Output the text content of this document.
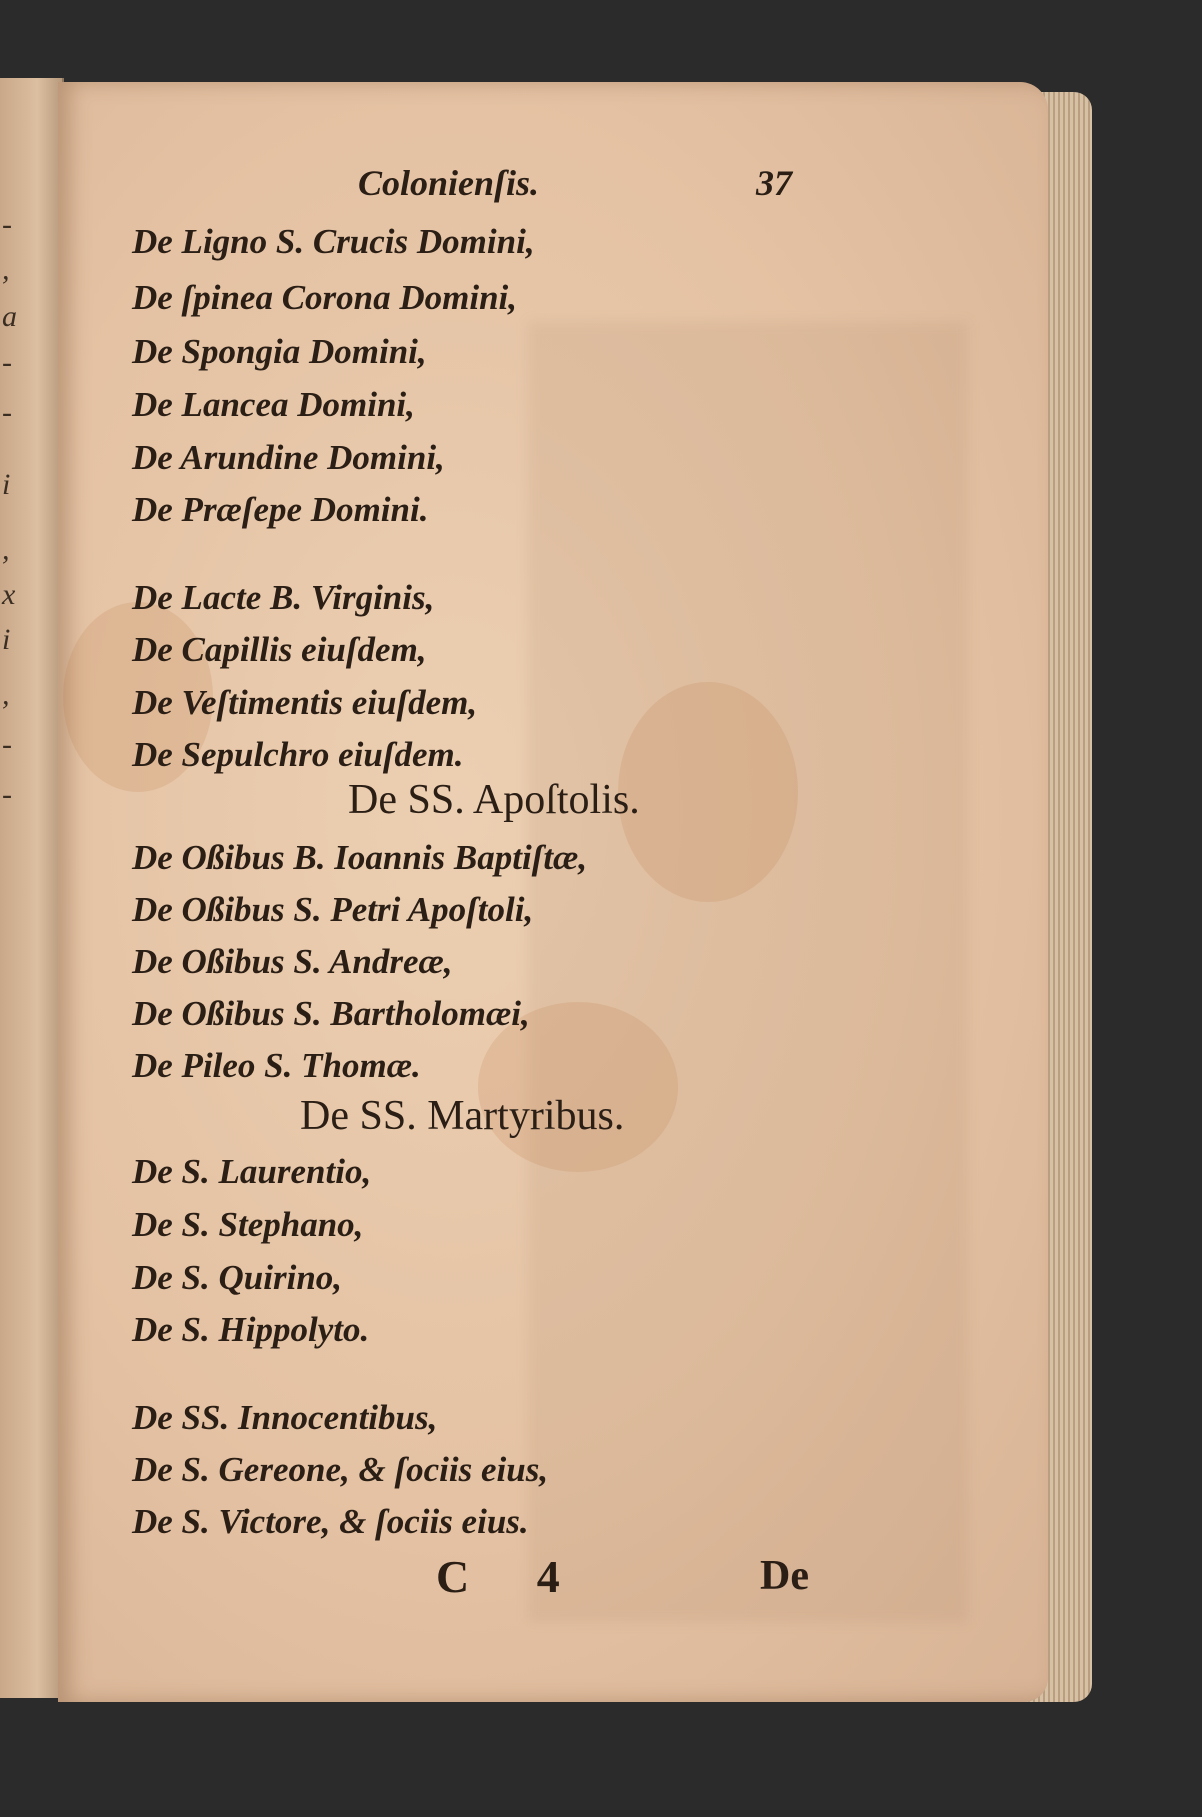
-
,
a
-
-
i
,
x
i
,
-
-
Colonienſis.	37
De Ligno S. Crucis Domini,
De ſpinea Corona Domini,
De Spongia Domini,
De Lancea Domini,
De Arundine Domini,
De Præſepe Domini.
De Lacte B. Virginis,
De Capillis eiuſdem,
De Veſtimentis eiuſdem,
De Sepulchro eiuſdem.
De SS. Apoſtolis.
De Oßibus B. Ioannis Baptiſtæ,
De Oßibus S. Petri Apoſtoli,
De Oßibus S. Andreæ,
De Oßibus S. Bartholomæi,
De Pileo S. Thomæ.
De SS. Martyribus.
De S. Laurentio,
De S. Stephano,
De S. Quirino,
De S. Hippolyto.
De SS. Innocentibus,
De S. Gereone, & ſociis eius,
De S. Victore, & ſociis eius.
C 4	De
